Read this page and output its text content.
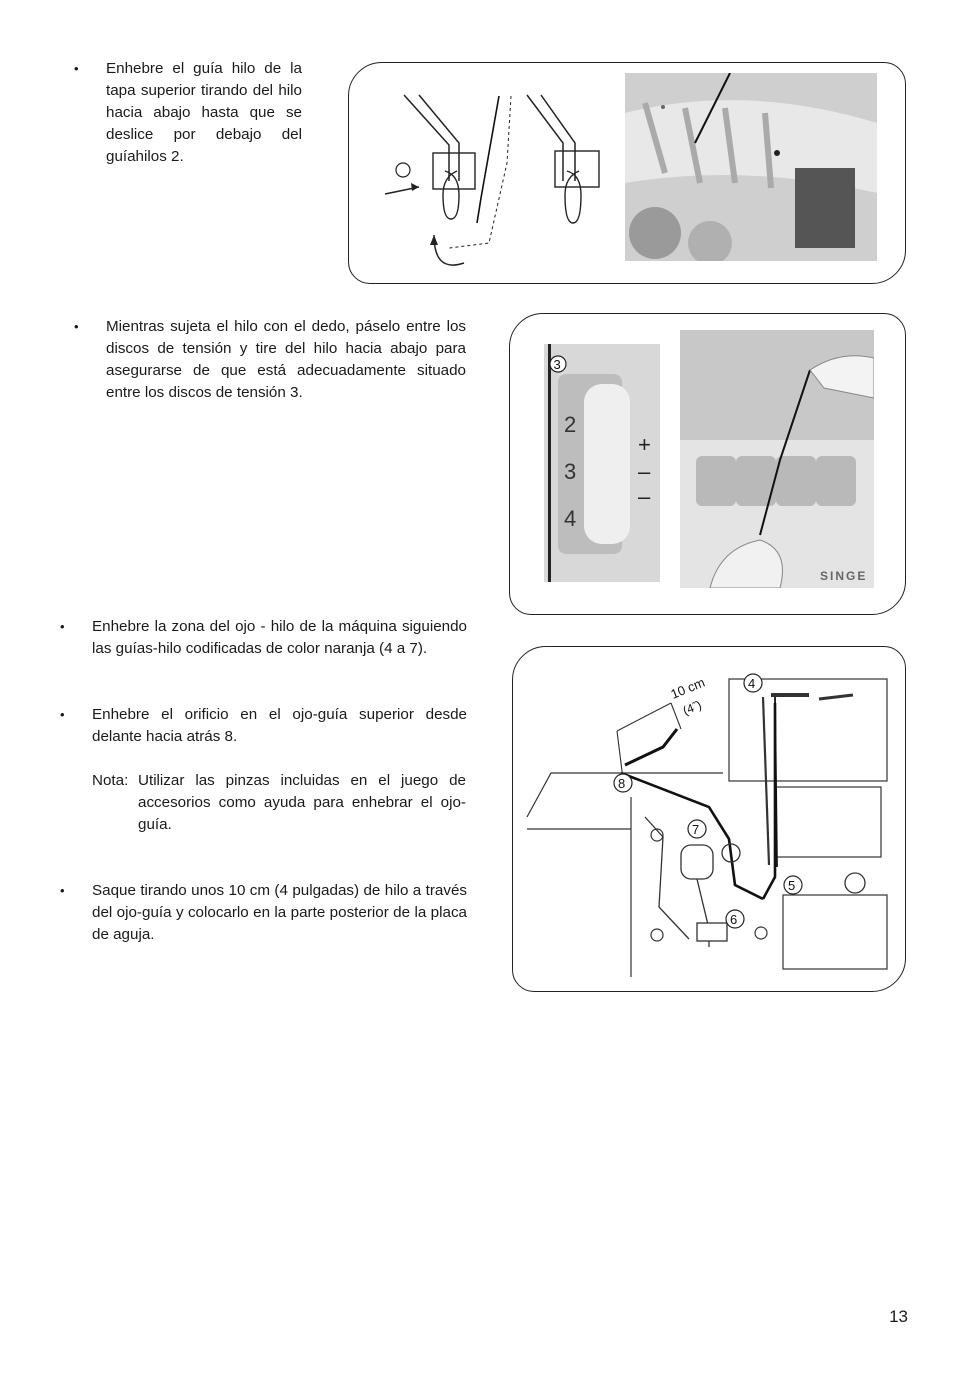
• Enhebre el guía hilo de la tapa superior tirando del hilo hacia abajo hasta que se deslice por debajo del guíahilos 2.
• Mientras sujeta el hilo con el dedo, páselo entre los discos de tensión y tire del hilo hacia abajo para asegurarse de que está adecuadamente situado entre los discos de tensión 3.
2
3
4
+
–
–
3
SINGE
• Enhebre la zona del ojo - hilo de la máquina siguiendo las guías-hilo codificadas de color naranja (4 a 7).
• Enhebre el orificio en el ojo-guía superior desde delante hacia atrás 8.
Nota: Utilizar las pinzas incluidas en el juego de accesorios como ayuda para enhebrar el ojo-guía.
• Saque tirando unos 10 cm (4 pulgadas) de hilo a través del ojo-guía y colocarlo en la parte posterior de la placa de aguja.
10 cm
(4˝)
4
5
6
7
8
13
